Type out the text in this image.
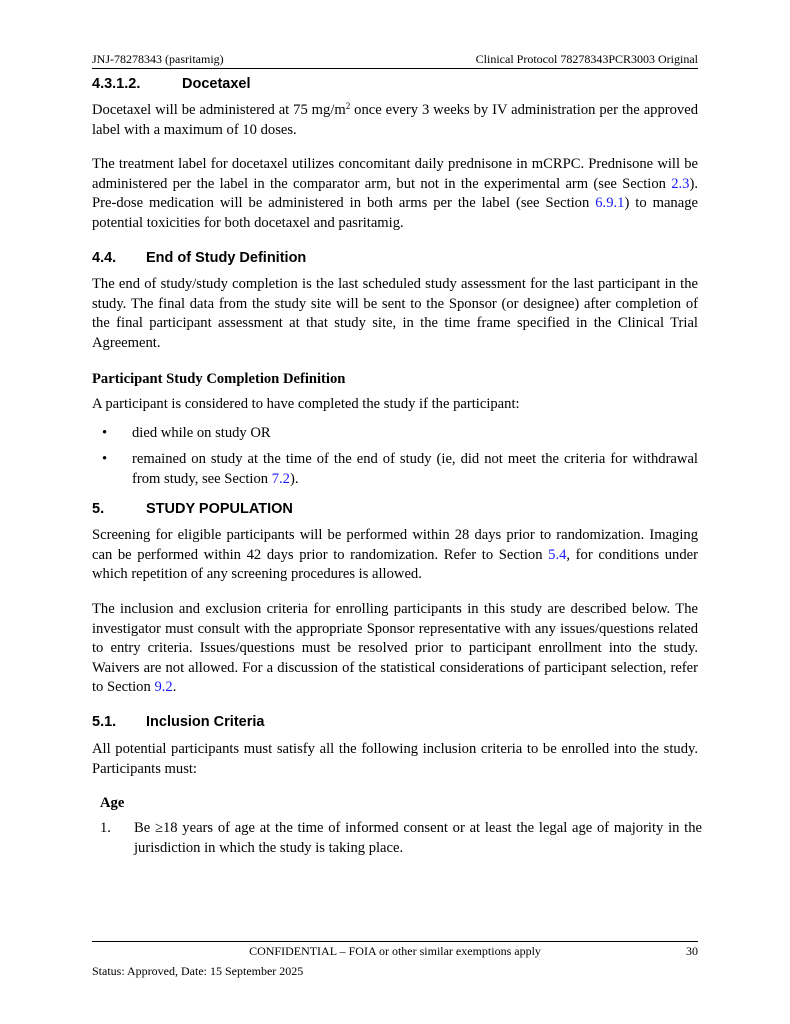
JNJ-78278343 (pasritamig)	Clinical Protocol 78278343PCR3003 Original
4.3.1.2.	Docetaxel
Docetaxel will be administered at 75 $mg/m^2$ once every 3 weeks by IV administration per the approved label with a maximum of 10 doses.
The treatment label for docetaxel utilizes concomitant daily prednisone in mCRPC. Prednisone will be administered per the label in the comparator arm, but not in the experimental arm (see Section 2.3). Pre-dose medication will be administered in both arms per the label (see Section 6.9.1) to manage potential toxicities for both docetaxel and pasritamig.
4.4. End of Study Definition
The end of study/study completion is the last scheduled study assessment for the last participant in the study. The final data from the study site will be sent to the Sponsor (or designee) after completion of the final participant assessment at that study site, in the time frame specified in the Clinical Trial Agreement.
Participant Study Completion Definition
A participant is considered to have completed the study if the participant:
• died while on study OR
• remained on study at the time of the end of study (ie, did not meet the criteria for withdrawal from study, see Section 7.2).
5.	STUDY POPULATION
Screening for eligible participants will be performed within 28 days prior to randomization. Imaging can be performed within 42 days prior to randomization. Refer to Section 5.4, for conditions under which repetition of any screening procedures is allowed.
The inclusion and exclusion criteria for enrolling participants in this study are described below. The investigator must consult with the appropriate Sponsor representative with any issues/questions related to entry criteria. Issues/questions must be resolved prior to participant enrollment into the study. Waivers are not allowed. For a discussion of the statistical considerations of participant selection, refer to Section 9.2.
5.1. Inclusion Criteria
All potential participants must satisfy all the following inclusion criteria to be enrolled into the study. Participants must:
Age
1. Be ≥18 years of age at the time of informed consent or at least the legal age of majority in the jurisdiction in which the study is taking place.
CONFIDENTIAL – FOIA or other similar exemptions apply	30
Status: Approved, Date: 15 September 2025
